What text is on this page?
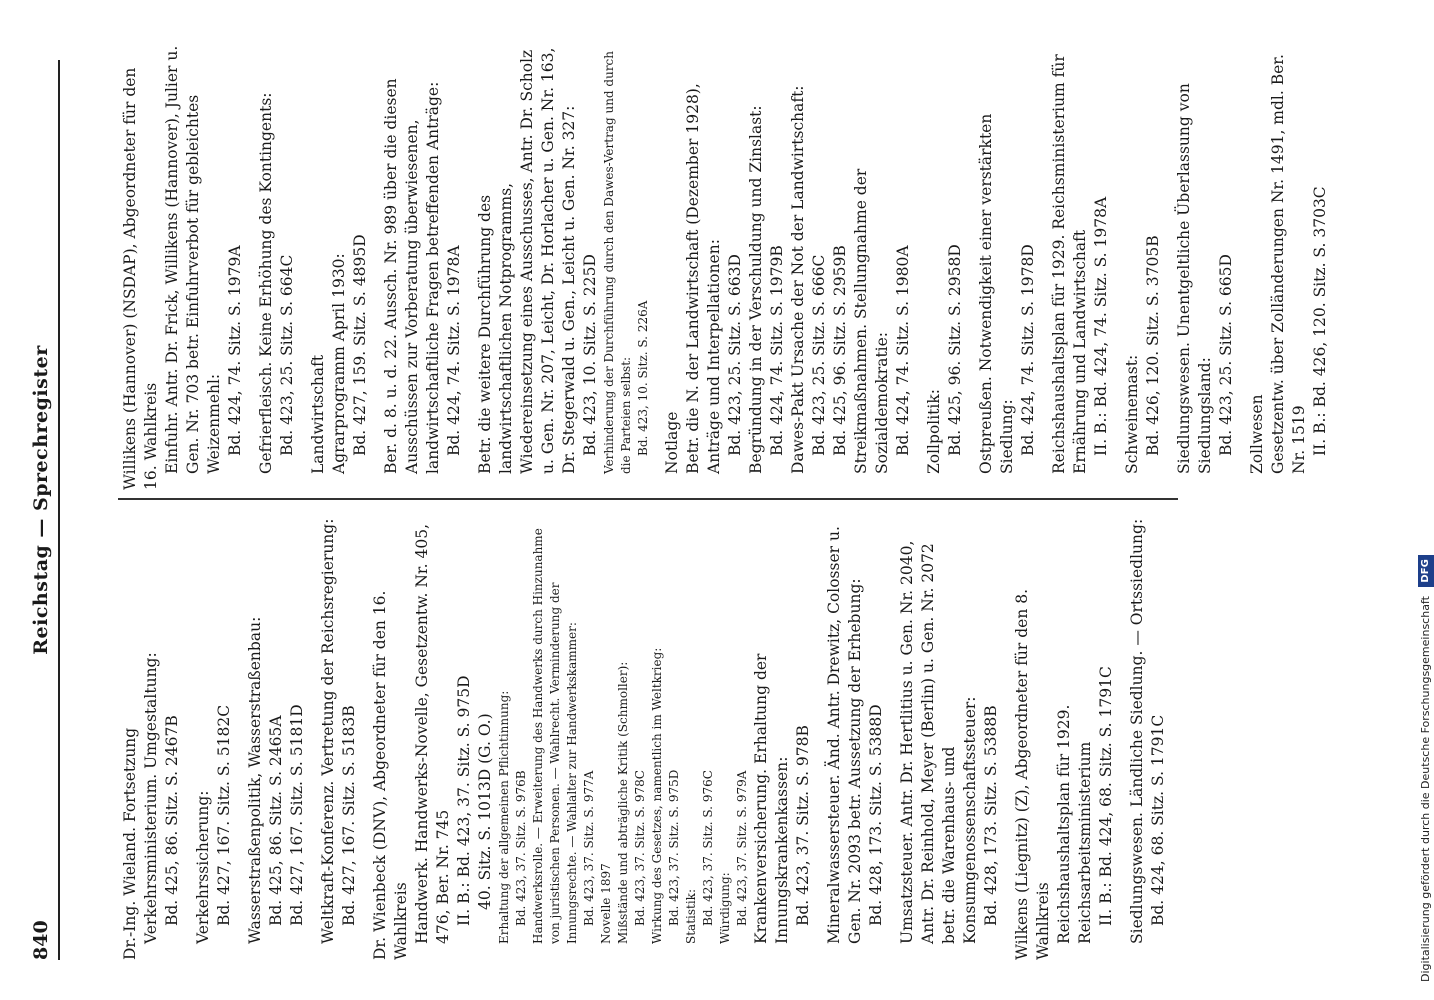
840
Reichstag — Sprechregister

Dr.-Ing. Wieland. Fortsetzung Verkehrsministerium. Umgestaltung: Bd. 425, 86. Sitz. S. 2467B Verkehrssicherung: Bd. 427, 167. Sitz. S. 5182C Wasserstraßenpolitik, Wasserstraßenbau: Bd. 425, 86. Sitz. S. 2465A Bd. 427, 167. Sitz. S. 5181D Weltkraft-Konferenz. Vertretung der Reichsregierung: Bd. 427, 167. Sitz. S. 5183B Dr. Wienbeck (DNV), Abgeordneter für den 16. Wahlkreis Handwerk. Handwerks-Novelle, Gesetzentw. Nr. 405, 476, Ber. Nr. 745 II. B.: Bd. 423, 37. Sitz. S. 975D 40. Sitz. S. 1013D (G. O.) Erhaltung der allgemeinen Pflichtinnung: Bd. 423, 37. Sitz. S. 976B Handwerksrolle. — Erweiterung des Handwerks durch Hinzunahme von juristischen Personen. — Wahlrecht. Verminderung der Innungsrechte. — Wahlalter zur Handwerkskammer: Bd. 423, 37. Sitz. S. 977A Novelle 1897 Mißstände und abträgliche Kritik (Schmoller): Bd. 423, 37. Sitz. S. 978C Wirkung des Gesetzes, namentlich im Weltkrieg: Bd. 423, 37. Sitz. S. 975D Statistik: Bd. 423, 37. Sitz. S. 976C Würdigung: Bd. 423, 37. Sitz. S. 979A Krankenversicherung. Erhaltung der Innungskrankenkassen: Bd. 423, 37. Sitz. S. 978B Mineralwassersteuer. Änd. Antr. Drewitz, Colosser u. Gen. Nr. 2093 betr. Aussetzung der Erhebung: Bd. 428, 173. Sitz. S. 5388D Umsatzsteuer. Antr. Dr. Hertlitius u. Gen. Nr. 2040, Antr. Dr. Reinhold, Meyer (Berlin) u. Gen. Nr. 2072 betr. die Warenhaus- und Konsumgenossenschaftssteuer: Bd. 428, 173. Sitz. S. 5388B Wilkens (Liegnitz) (Z), Abgeordneter für den 8. Wahlkreis Reichshaushaltsplan für 1929. Reichsarbeitsministerium II. B.: Bd. 424, 68. Sitz. S. 1791C Siedlungswesen. Ländliche Siedlung. — Ortssiedlung: Bd. 424, 68. Sitz. S. 1791C

Willikens (Hannover) (NSDAP), Abgeordneter für den 16. Wahlkreis Einfuhr. Antr. Dr. Frick, Willikens (Hannover), Julier u. Gen. Nr. 703 betr. Einfuhrverbot für gebleichtes Weizenmehl: Bd. 424, 74. Sitz. S. 1979A Gefrierfleisch. Keine Erhöhung des Kontingents: Bd. 423, 25. Sitz. S. 664C Landwirtschaft Agrarprogramm April 1930: Bd. 427, 159. Sitz. S. 4895D Ber. d. 8. u. d. 22. Aussch. Nr. 989 über die diesen Ausschüssen zur Vorberatung überwiesenen, landwirtschaftliche Fragen betreffenden Anträge: Bd. 424, 74. Sitz. S. 1978A Betr. die weitere Durchführung des landwirtschaftlichen Notprogramms, Wiedereinsetzung eines Ausschusses, Antr. Dr. Scholz u. Gen. Nr. 207, Leicht, Dr. Horlacher u. Gen. Nr. 163, Dr. Stegerwald u. Gen., Leicht u. Gen. Nr. 327: Bd. 423, 10. Sitz. S. 225D Verhinderung der Durchführung durch den Dawes-Vertrag und durch die Parteien selbst: Bd. 423, 10. Sitz. S. 226A Notlage Betr. die N. der Landwirtschaft (Dezember 1928), Anträge und Interpellationen: Bd. 423, 25. Sitz. S. 663D Begründung in der Verschuldung und Zinslast: Bd. 424, 74. Sitz. S. 1979B Dawes-Pakt Ursache der Not der Landwirtschaft: Bd. 423, 25. Sitz. S. 666C Bd. 425, 96. Sitz. S. 2959B Streikmaßnahmen. Stellungnahme der Sozialdemokratie: Bd. 424, 74. Sitz. S. 1980A Zollpolitik: Bd. 425, 96. Sitz. S. 2958D Ostpreußen. Notwendigkeit einer verstärkten Siedlung: Bd. 424, 74. Sitz. S. 1978D Reichshaushaltsplan für 1929. Reichsministerium für Ernährung und Landwirtschaft II. B.: Bd. 424, 74. Sitz. S. 1978A Schweinemast: Bd. 426, 120. Sitz. S. 3705B Siedlungswesen. Unentgeltliche Überlassung von Siedlungsland: Bd. 423, 25. Sitz. S. 665D Zollwesen Gesetzentw. über Zolländerungen Nr. 1491, mdl. Ber. Nr. 1519 II. B.: Bd. 426, 120. Sitz. S. 3703C

Digitalisierung gefördert durch die Deutsche Forschungsgemeinschaft DFG
